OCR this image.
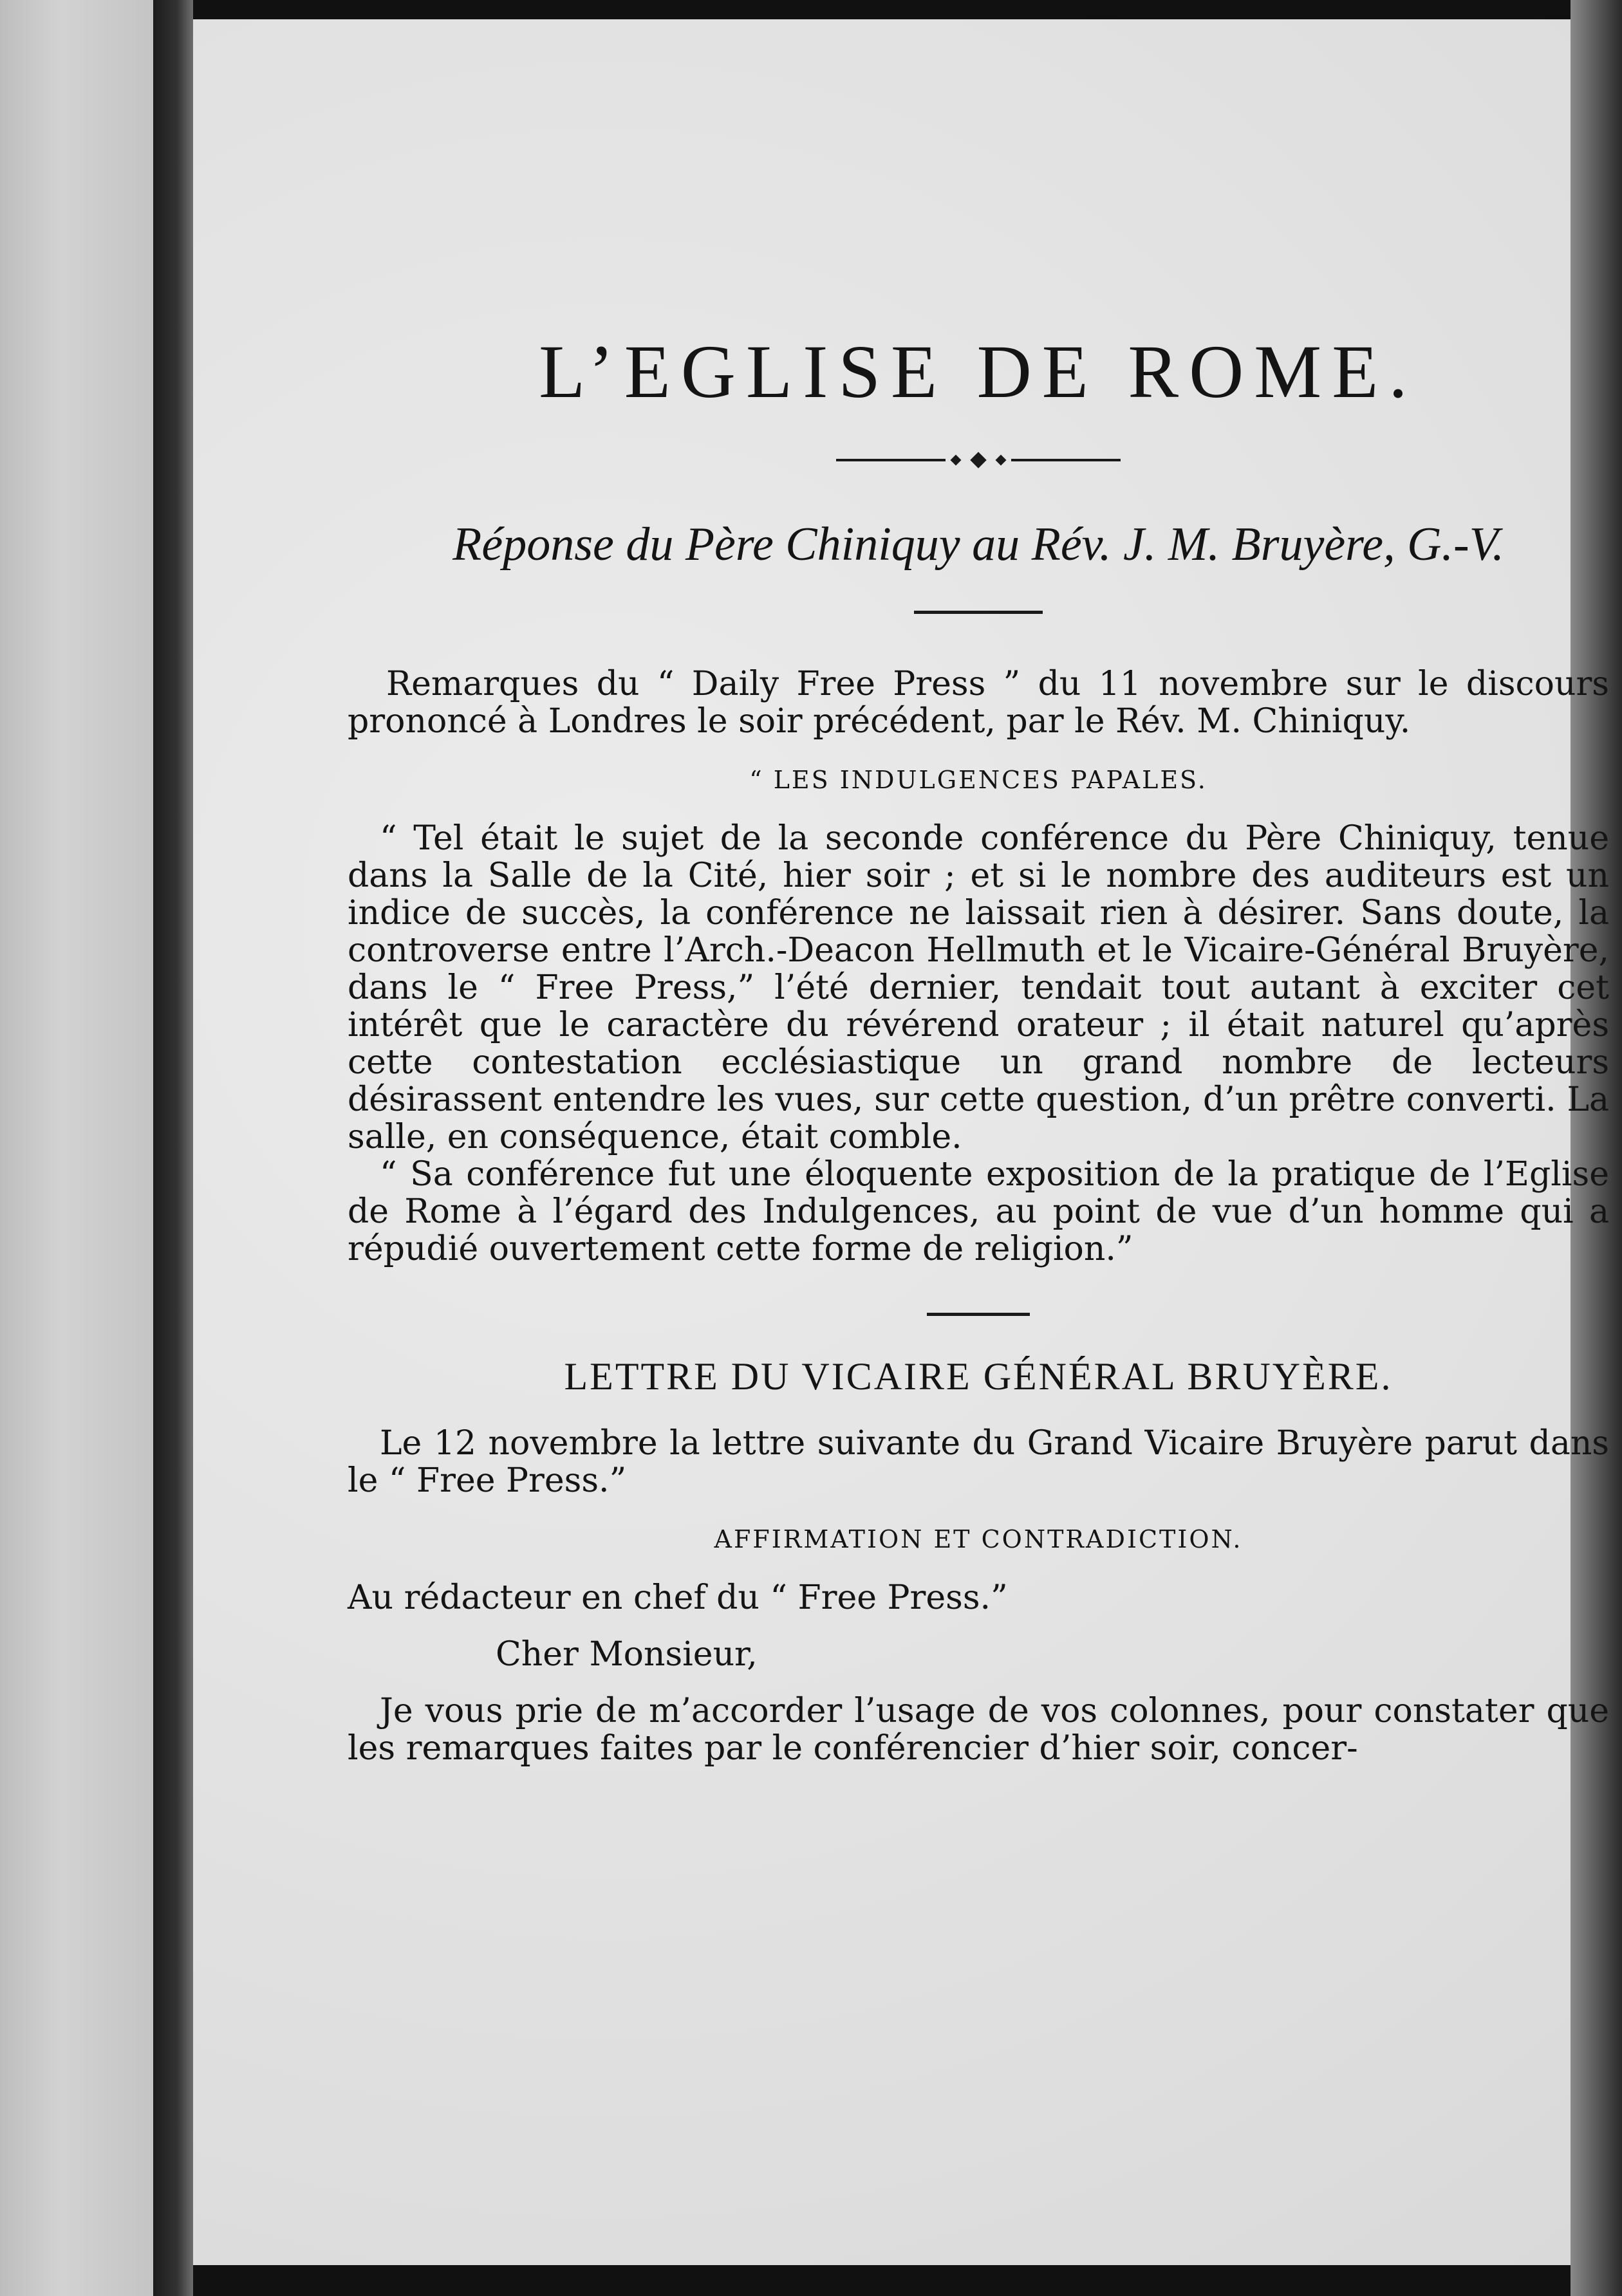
L’EGLISE DE ROME.
Réponse du Père Chiniquy au Rév. J. M. Bruyère, G.-V.

Remarques du “ Daily Free Press ” du 11 novembre sur le discours prononcé à Londres le soir précédent, par le Rév. M. Chiniquy.

“ LES INDULGENCES PAPALES.

“ Tel était le sujet de la seconde conférence du Père Chiniquy, tenue dans la Salle de la Cité, hier soir ; et si le nombre des auditeurs est un indice de succès, la conférence ne laissait rien à désirer. Sans doute, la controverse entre l’Arch.-Deacon Hellmuth et le Vicaire-Général Bruyère, dans le “ Free Press,” l’été dernier, tendait tout autant à exciter cet intérêt que le caractère du révérend orateur ; il était naturel qu’après cette contestation ecclésiastique un grand nombre de lecteurs désirassent entendre les vues, sur cette question, d’un prêtre converti. La salle, en conséquence, était comble.

“ Sa conférence fut une éloquente exposition de la pratique de l’Eglise de Rome à l’égard des Indulgences, au point de vue d’un homme qui a répudié ouvertement cette forme de religion.”

LETTRE DU VICAIRE GÉNÉRAL BRUYÈRE.

Le 12 novembre la lettre suivante du Grand Vicaire Bruyère parut dans le “ Free Press.”

AFFIRMATION ET CONTRADICTION.

Au rédacteur en chef du “ Free Press.”

Cher Monsieur,

Je vous prie de m’accorder l’usage de vos colonnes, pour constater que les remarques faites par le conférencier d’hier soir, concer-
